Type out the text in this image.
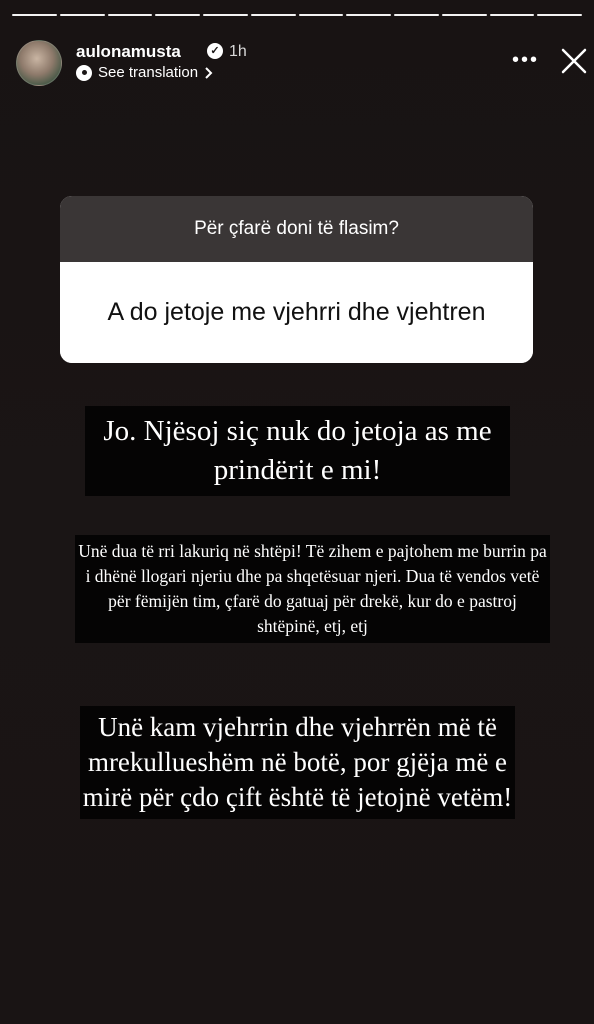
aulonamusta	✓ 1h
See translation
•••
Për çfarë doni të flasim?
A do jetoje me vjehrri dhe vjehtren
Jo. Njësoj siç nuk do jetoja as me prindërit e mi!
Unë dua të rri lakuriq në shtëpi! Të zihem e pajtohem me burrin pa i dhënë llogari njeriu dhe pa shqetësuar njeri. Dua të vendos vetë për fëmijën tim, çfarë do gatuaj për drekë, kur do e pastroj shtëpinë, etj, etj
Unë kam vjehrrin dhe vjehrrën më të mrekullueshëm në botë, por gjëja më e mirë për çdo çift është të jetojnë vetëm!
